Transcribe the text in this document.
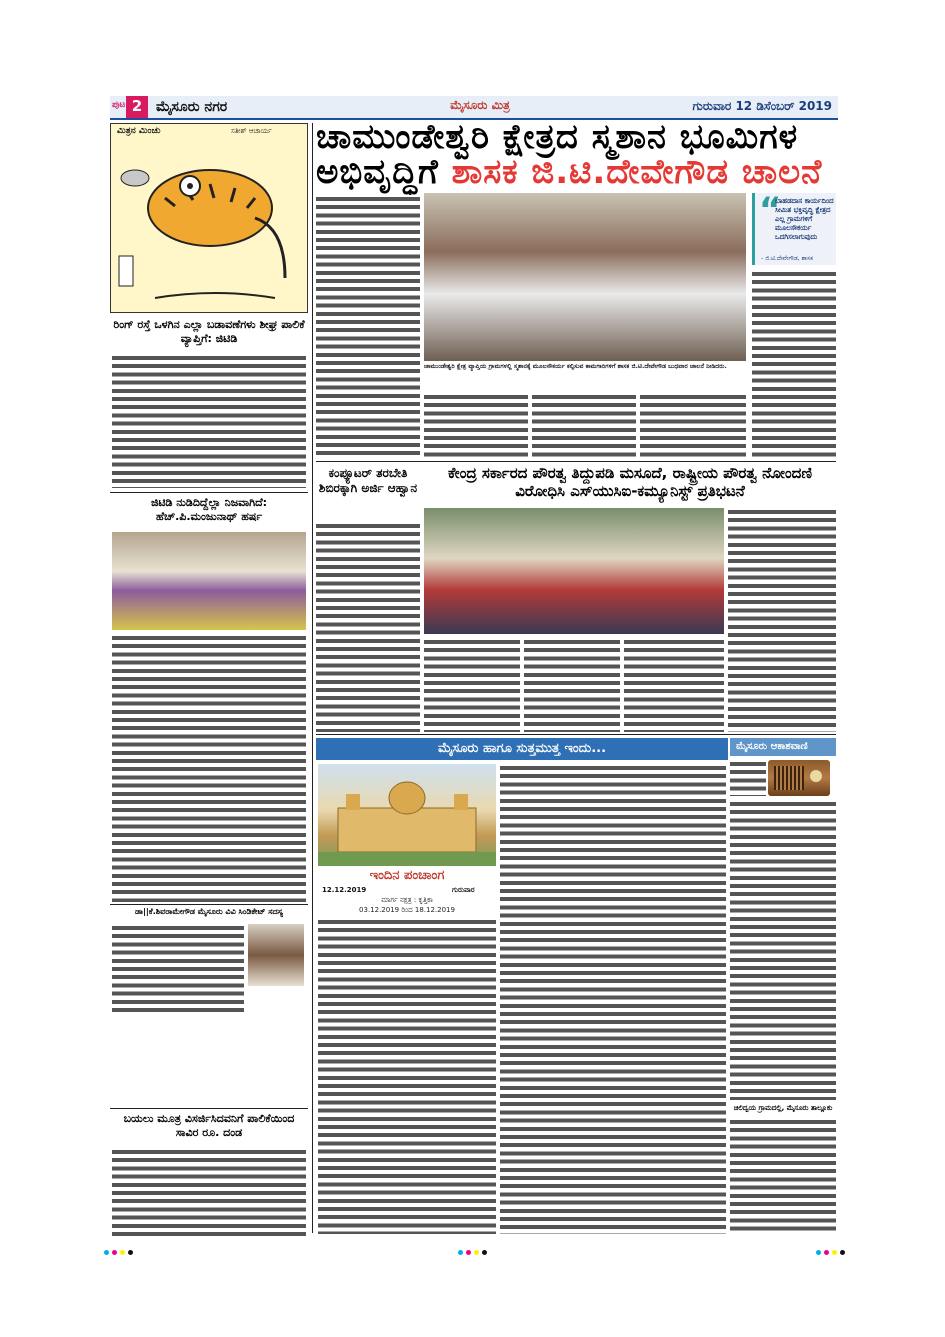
ಪುಟ 2 ಮೈಸೂರು ನಗರ	ಮೈಸೂರು ಮಿತ್ರ	ಗುರುವಾರ 12 ಡಿಸೆಂಬರ್ 2019
ಮಿತ್ರನ ಮಿಂಚು	ಸತೀಶ್ ಆಚಾರ್ಯ
ರಿಂಗ್ ರಸ್ತೆ ಒಳಗಿನ ಎಲ್ಲಾ ಬಡಾವಣೆಗಳು ಶೀಘ್ರ ಪಾಲಿಕೆ ವ್ಯಾಪ್ತಿಗೆ: ಜಿಟಿಡಿ
ಜಿಟಿಡಿ ನುಡಿದಿದ್ದೆಲ್ಲಾ ನಿಜವಾಗಿದೆ: ಹೆಚ್.ಪಿ.ಮಂಜುನಾಥ್ ಹರ್ಷ
ಡಾ||ಕೆ.ಶಿವರಾಮೇಗೌಡ ಮೈಸೂರು ವಿವಿ ಸಿಂಡಿಕೇಟ್ ಸದಸ್ಯ
ಬಯಲು ಮೂತ್ರ ವಿಸರ್ಜಿಸಿದವನಿಗೆ ಪಾಲಿಕೆಯಿಂದ ಸಾವಿರ ರೂ. ದಂಡ
ಚಾಮುಂಡೇಶ್ವರಿ ಕ್ಷೇತ್ರದ ಸ್ಮಶಾನ ಭೂಮಿಗಳ
ಅಭಿವೃದ್ಧಿಗೆ ಶಾಸಕ ಜಿ.ಟಿ.ದೇವೇಗೌಡ ಚಾಲನೆ
“
ಬಾಹಡದಾಸ ಕಾರ್ಯದಿಂದ ಸೀಮಿತ ಭಕ್ತಿವೃದ್ಧಿ ಕ್ಷೇತ್ರದ ಎಲ್ಲ ಗ್ರಾಮಗಳಿಗೆ ಮೂಲಸೌಕರ್ಯ ಒದಗಿಸಲಾಗುವುದು
- ಜಿ.ಟಿ.ದೇವೇಗೌಡ, ಶಾಸಕ
ಚಾಮುಂಡೇಶ್ವರಿ ಕ್ಷೇತ್ರ ವ್ಯಾಪ್ತಿಯ ಗ್ರಾಮಗಳಲ್ಲಿ ಸ್ಮಶಾನಕ್ಕೆ ಮೂಲಸೌಕರ್ಯ ಕಲ್ಪಿಸುವ ಕಾಮಗಾರಿಗಳಿಗೆ ಶಾಸಕ ಜಿ.ಟಿ.ದೇವೇಗೌಡ ಬುಧವಾರ ಚಾಲನೆ ನೀಡಿದರು.
ಕಂಪ್ಯೂಟರ್ ತರಬೇತಿ ಶಿಬಿರಕ್ಕಾಗಿ ಅರ್ಜಿ ಆಹ್ವಾನ
ಕೇಂದ್ರ ಸರ್ಕಾರದ ಪೌರತ್ವ ತಿದ್ದುಪಡಿ ಮಸೂದೆ, ರಾಷ್ಟ್ರೀಯ ಪೌರತ್ವ ನೋಂದಣಿ ವಿರೋಧಿಸಿ ಎಸ್‌ಯುಸಿಐ-ಕಮ್ಯೂನಿಸ್ಟ್ ಪ್ರತಿಭಟನೆ
ಮೈಸೂರು ಹಾಗೂ ಸುತ್ತಮುತ್ತ ಇಂದು...
ಇಂದಿನ ಪಂಚಾಂಗ
12.12.2019	ಗುರುವಾರ
ಮಾರ್ಗ ನಕ್ಷತ್ರ : ಕೃತ್ತಿಕಾ
03.12.2019 ರಿಂದ 18.12.2019
ಮೈಸೂರು ಆಕಾಶವಾಣಿ
ಚಿಲಿದ್ವಯ ಗ್ರಾಮದಲ್ಲಿ, ಮೈಸೂರು ತಾಲ್ಲೂಕು
